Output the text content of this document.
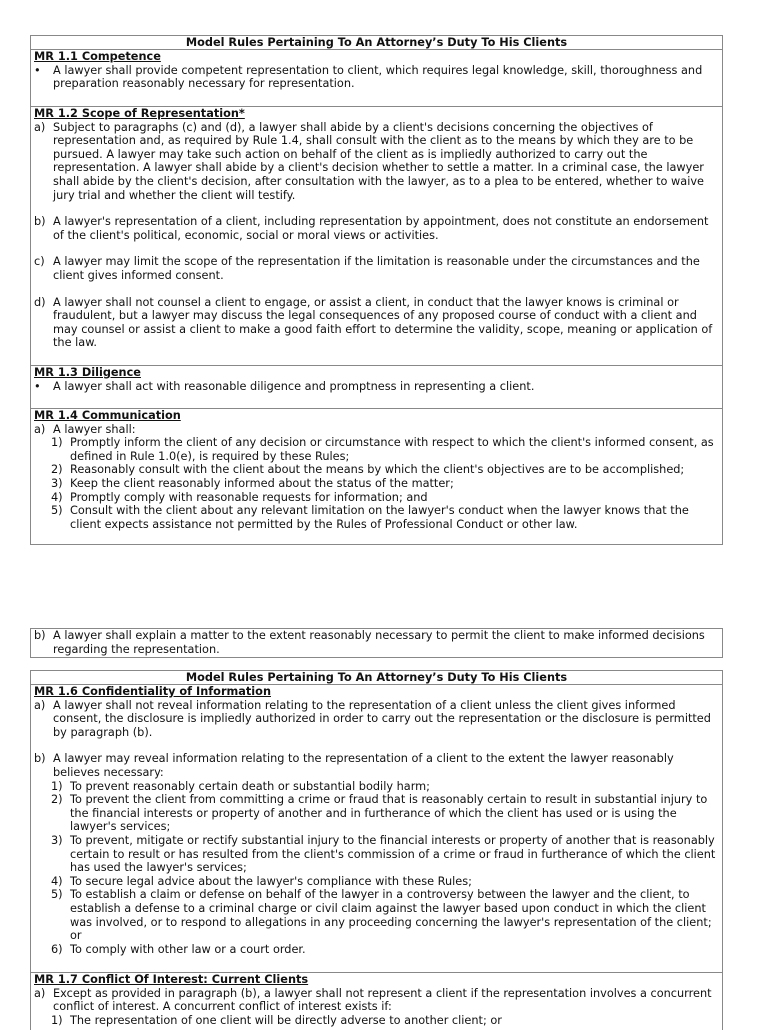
Model Rules Pertaining To An Attorney’s Duty To His Clients
MR 1.1 Competence
• A lawyer shall provide competent representation to client, which requires legal knowledge, skill, thoroughness and preparation reasonably necessary for representation.
MR 1.2 Scope of Representation*
a) Subject to paragraphs (c) and (d), a lawyer shall abide by a client's decisions concerning the objectives of representation and, as required by Rule 1.4, shall consult with the client as to the means by which they are to be pursued. A lawyer may take such action on behalf of the client as is impliedly authorized to carry out the representation. A lawyer shall abide by a client's decision whether to settle a matter. In a criminal case, the lawyer shall abide by the client's decision, after consultation with the lawyer, as to a plea to be entered, whether to waive jury trial and whether the client will testify.
b) A lawyer's representation of a client, including representation by appointment, does not constitute an endorsement of the client's political, economic, social or moral views or activities.
c) A lawyer may limit the scope of the representation if the limitation is reasonable under the circumstances and the client gives informed consent.
d) A lawyer shall not counsel a client to engage, or assist a client, in conduct that the lawyer knows is criminal or fraudulent, but a lawyer may discuss the legal consequences of any proposed course of conduct with a client and may counsel or assist a client to make a good faith effort to determine the validity, scope, meaning or application of the law.
MR 1.3 Diligence
• A lawyer shall act with reasonable diligence and promptness in representing a client.
MR 1.4 Communication
a) A lawyer shall:
1) Promptly inform the client of any decision or circumstance with respect to which the client's informed consent, as defined in Rule 1.0(e), is required by these Rules;
2) Reasonably consult with the client about the means by which the client's objectives are to be accomplished;
3) Keep the client reasonably informed about the status of the matter;
4) Promptly comply with reasonable requests for information; and
5) Consult with the client about any relevant limitation on the lawyer's conduct when the lawyer knows that the client expects assistance not permitted by the Rules of Professional Conduct or other law.
b) A lawyer shall explain a matter to the extent reasonably necessary to permit the client to make informed decisions regarding the representation.
Model Rules Pertaining To An Attorney’s Duty To His Clients
MR 1.6 Confidentiality of Information
a) A lawyer shall not reveal information relating to the representation of a client unless the client gives informed consent, the disclosure is impliedly authorized in order to carry out the representation or the disclosure is permitted by paragraph (b).
b) A lawyer may reveal information relating to the representation of a client to the extent the lawyer reasonably believes necessary:
1) To prevent reasonably certain death or substantial bodily harm;
2) To prevent the client from committing a crime or fraud that is reasonably certain to result in substantial injury to the financial interests or property of another and in furtherance of which the client has used or is using the lawyer's services;
3) To prevent, mitigate or rectify substantial injury to the financial interests or property of another that is reasonably certain to result or has resulted from the client's commission of a crime or fraud in furtherance of which the client has used the lawyer's services;
4) To secure legal advice about the lawyer's compliance with these Rules;
5) To establish a claim or defense on behalf of the lawyer in a controversy between the lawyer and the client, to establish a defense to a criminal charge or civil claim against the lawyer based upon conduct in which the client was involved, or to respond to allegations in any proceeding concerning the lawyer's representation of the client; or
6) To comply with other law or a court order.
MR 1.7 Conflict Of Interest: Current Clients
a) Except as provided in paragraph (b), a lawyer shall not represent a client if the representation involves a concurrent conflict of interest. A concurrent conflict of interest exists if:
1) The representation of one client will be directly adverse to another client; or
